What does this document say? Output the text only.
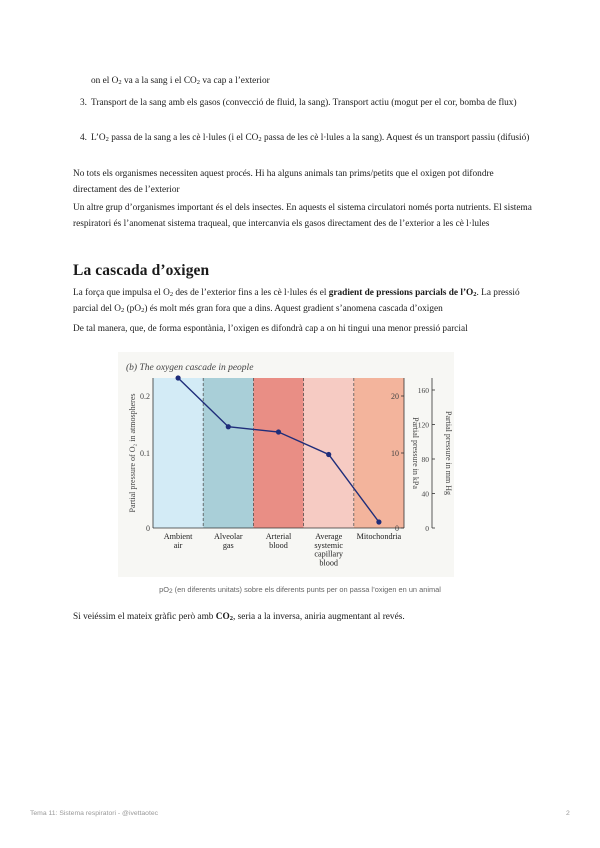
on el $O_2$ va a la sang i el $CO_2$ va cap a l’exterior
3. Transport de la sang amb els gasos (convecció de fluid, la sang). Transport actiu (mogut per el cor, bomba de flux)
4. $L’O_2$ passa de la sang a les cè l·lules (i el $CO_2$ passa de les cè l·lules a la sang). Aquest és un transport passiu (difusió)
No tots els organismes necessiten aquest procés. Hi ha alguns animals tan prims/petits que el oxigen pot difondre directament des de l’exterior
Un altre grup d’organismes important és el dels insectes. En aquests el sistema circulatori només porta nutrients. El sistema respiratori és l’anomenat sistema traqueal, que intercanvia els gasos directament des de l’exterior a les cè l·lules
La cascada d’oxigen
La força que impulsa el $O_2$ des de l’exterior fins a les cè l·lules és el gradient de pressions parcials de $l’O_2$. La pressió parcial del $O_2$ $(pO_2)$ és molt més gran fora que a dins. Aquest gradient s’anomena cascada d’oxigen
De tal manera, que, de forma espontània, l’oxigen es difondrà cap a on hi tingui una menor pressió parcial
(b) The oxygen cascade in people
0.2
0.1
0
20
10
0
160
120
80
40
0
Partial pressure of O₂ in atmospheres	Partial pressure in kPa	Partial pressure in mm Hg
Ambient air
Alveolar gas
Arterial blood
Average systemic capillary blood
Mitochondria
$pO_2$ (en diferents unitats) sobre els diferents punts per on passa l’oxigen en un animal
Si veiéssim el mateix gràfic però amb $CO_2$, seria a la inversa, aniria augmentant al revés.
Tema 11: Sistema respiratori - @ivettaotec	2
